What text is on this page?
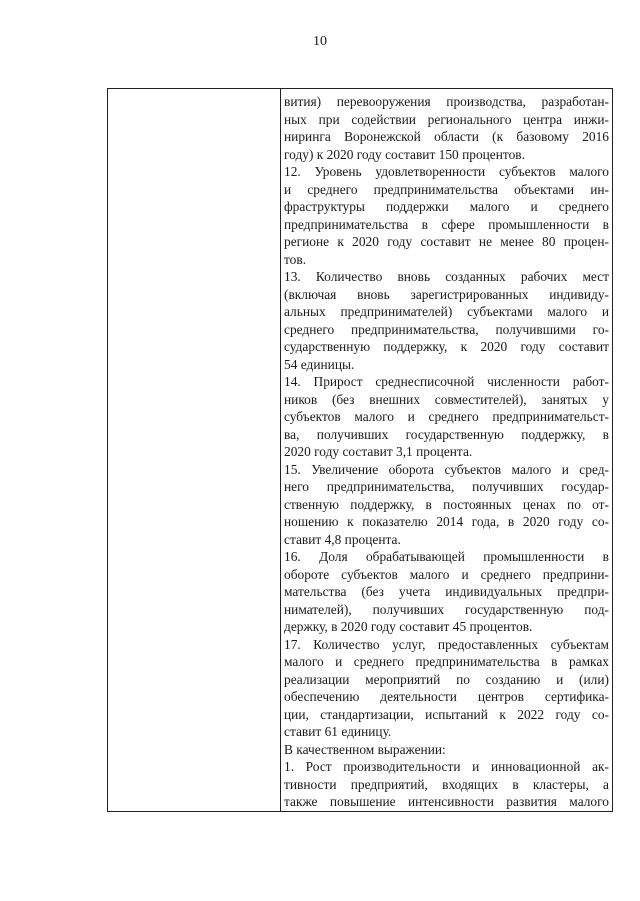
10
вития) перевооружения производства, разработан-
ных при содействии регионального центра инжи-
ниринга Воронежской области (к базовому 2016
году) к 2020 году составит 150 процентов.
12. Уровень удовлетворенности субъектов малого
и среднего предпринимательства объектами ин-
фраструктуры поддержки малого и среднего
предпринимательства в сфере промышленности в
регионе к 2020 году составит не менее 80 процен-
тов.
13. Количество вновь созданных рабочих мест
(включая вновь зарегистрированных индивиду-
альных предпринимателей) субъектами малого и
среднего предпринимательства, получившими го-
сударственную поддержку, к 2020 году составит
54 единицы.
14. Прирост среднесписочной численности работ-
ников (без внешних совместителей), занятых у
субъектов малого и среднего предпринимательст-
ва, получивших государственную поддержку, в
2020 году составит 3,1 процента.
15. Увеличение оборота субъектов малого и сред-
него предпринимательства, получивших государ-
ственную поддержку, в постоянных ценах по от-
ношению к показателю 2014 года, в 2020 году со-
ставит 4,8 процента.
16. Доля обрабатывающей промышленности в
обороте субъектов малого и среднего предприни-
мательства (без учета индивидуальных предпри-
нимателей), получивших государственную под-
держку, в 2020 году составит 45 процентов.
17. Количество услуг, предоставленных субъектам
малого и среднего предпринимательства в рамках
реализации мероприятий по созданию и (или)
обеспечению деятельности центров сертифика-
ции, стандартизации, испытаний к 2022 году со-
ставит 61 единицу.
В качественном выражении:
1. Рост производительности и инновационной ак-
тивности предприятий, входящих в кластеры, а
также повышение интенсивности развития малого
